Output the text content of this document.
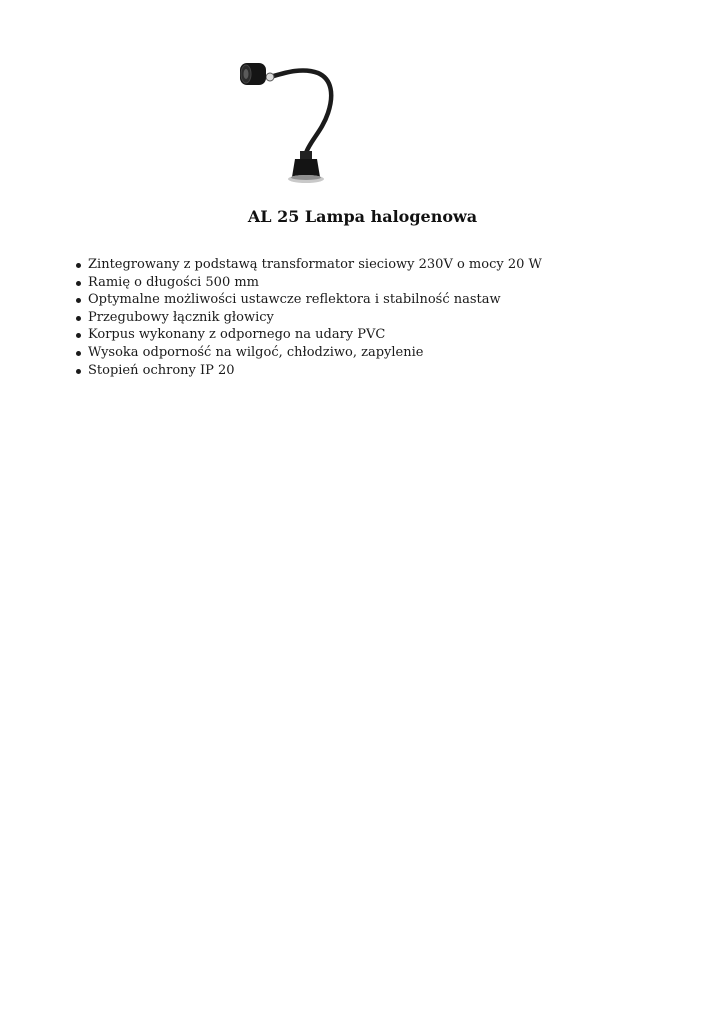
AL 25 Lampa halogenowa
Zintegrowany z podstawą transformator sieciowy 230V o mocy 20 W
Ramię o długości 500 mm
Optymalne możliwości ustawcze reflektora i stabilność nastaw
Przegubowy łącznik głowicy
Korpus wykonany z odpornego na udary PVC
Wysoka odporność na wilgoć, chłodziwo, zapylenie
Stopień ochrony IP 20
